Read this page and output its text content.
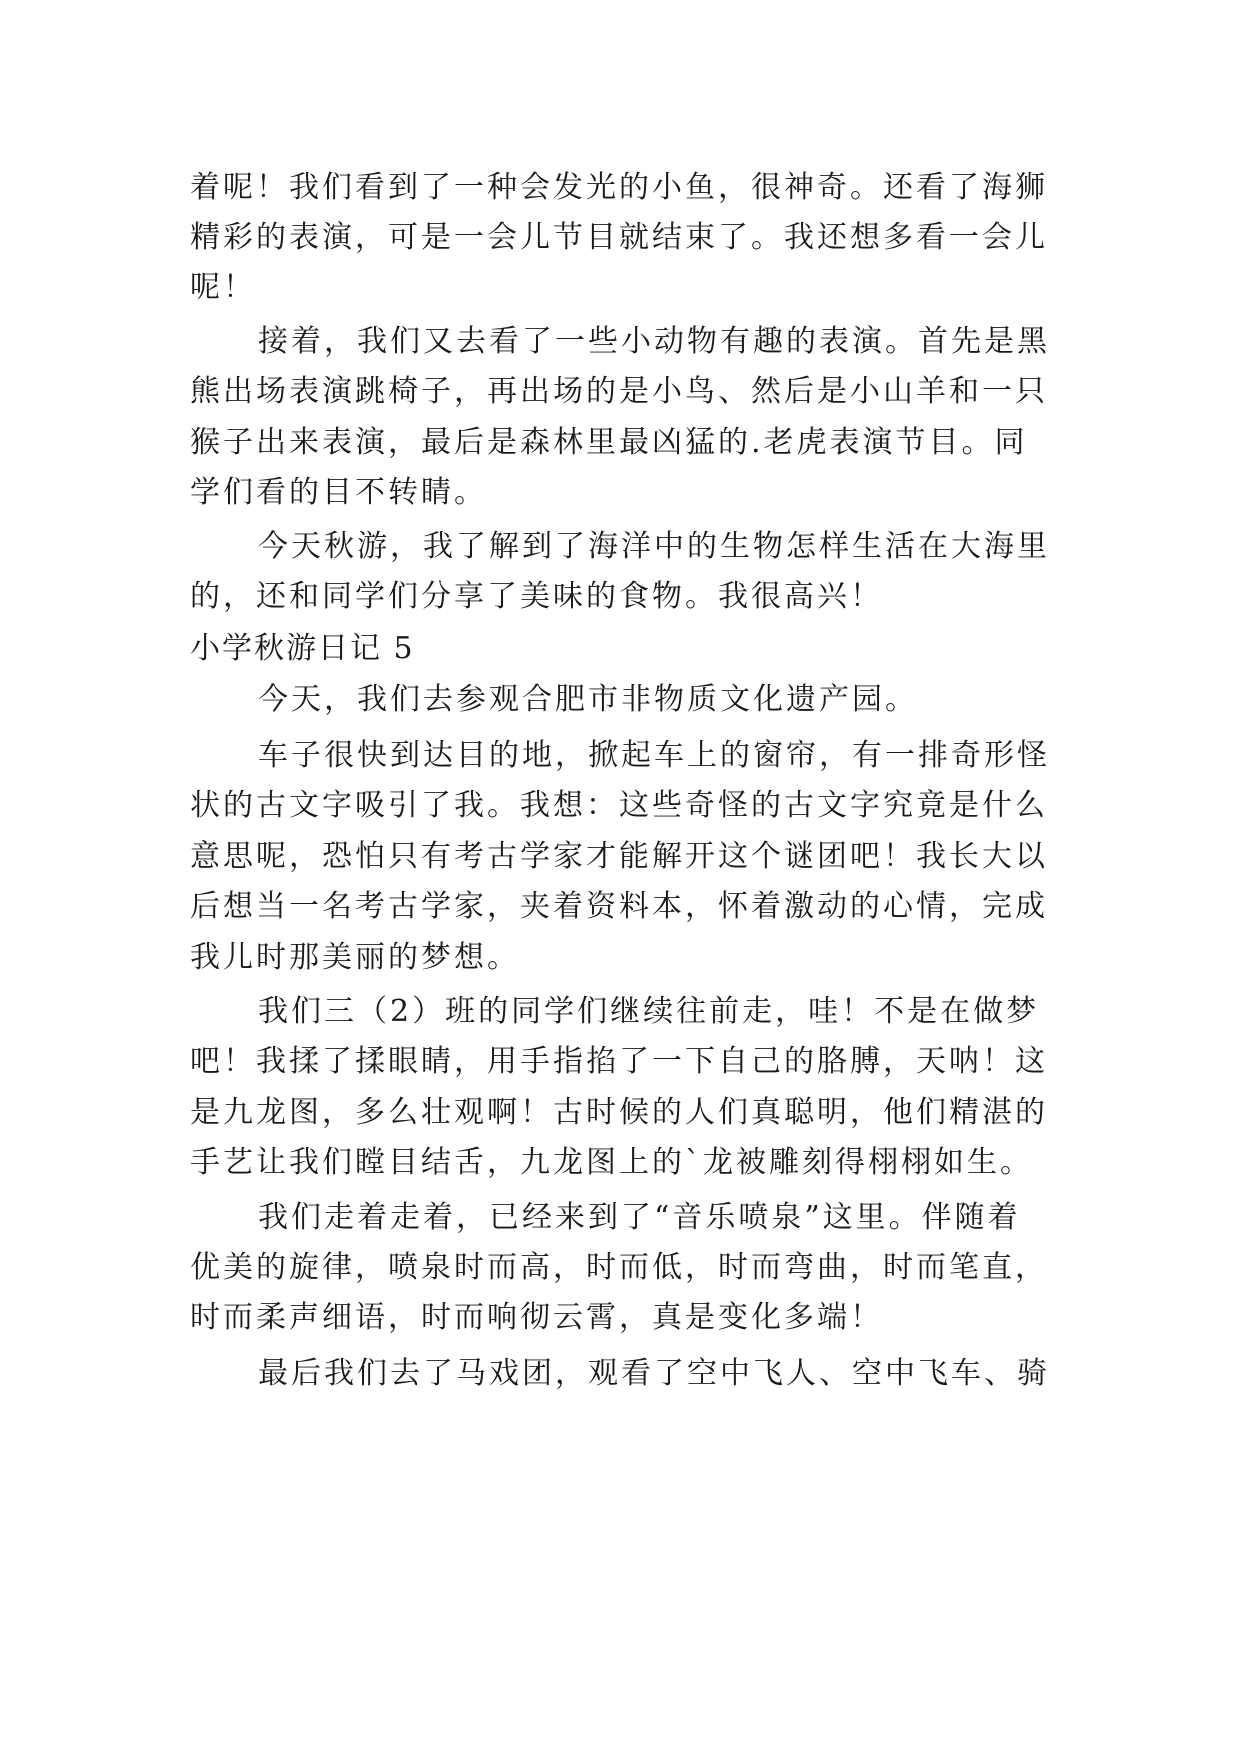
着呢！我们看到了一种会发光的小鱼，很神奇。还看了海狮
精彩的表演，可是一会儿节目就结束了。我还想多看一会儿
呢！
接着，我们又去看了一些小动物有趣的表演。首先是黑
熊出场表演跳椅子，再出场的是小鸟、然后是小山羊和一只
猴子出来表演，最后是森林里最凶猛的.老虎表演节目。同
学们看的目不转睛。
今天秋游，我了解到了海洋中的生物怎样生活在大海里
的，还和同学们分享了美味的食物。我很高兴！
小学秋游日记 5
今天，我们去参观合肥市非物质文化遗产园。
车子很快到达目的地，掀起车上的窗帘，有一排奇形怪
状的古文字吸引了我。我想：这些奇怪的古文字究竟是什么
意思呢，恐怕只有考古学家才能解开这个谜团吧！我长大以
后想当一名考古学家，夹着资料本，怀着激动的心情，完成
我儿时那美丽的梦想。
我们三（2）班的同学们继续往前走，哇！不是在做梦
吧！我揉了揉眼睛，用手指掐了一下自己的胳膊，天呐！这
是九龙图，多么壮观啊！古时候的人们真聪明，他们精湛的
手艺让我们瞠目结舌，九龙图上的`龙被雕刻得栩栩如生。
我们走着走着，已经来到了“音乐喷泉”这里。伴随着
优美的旋律，喷泉时而高，时而低，时而弯曲，时而笔直，
时而柔声细语，时而响彻云霄，真是变化多端！
最后我们去了马戏团，观看了空中飞人、空中飞车、骑
